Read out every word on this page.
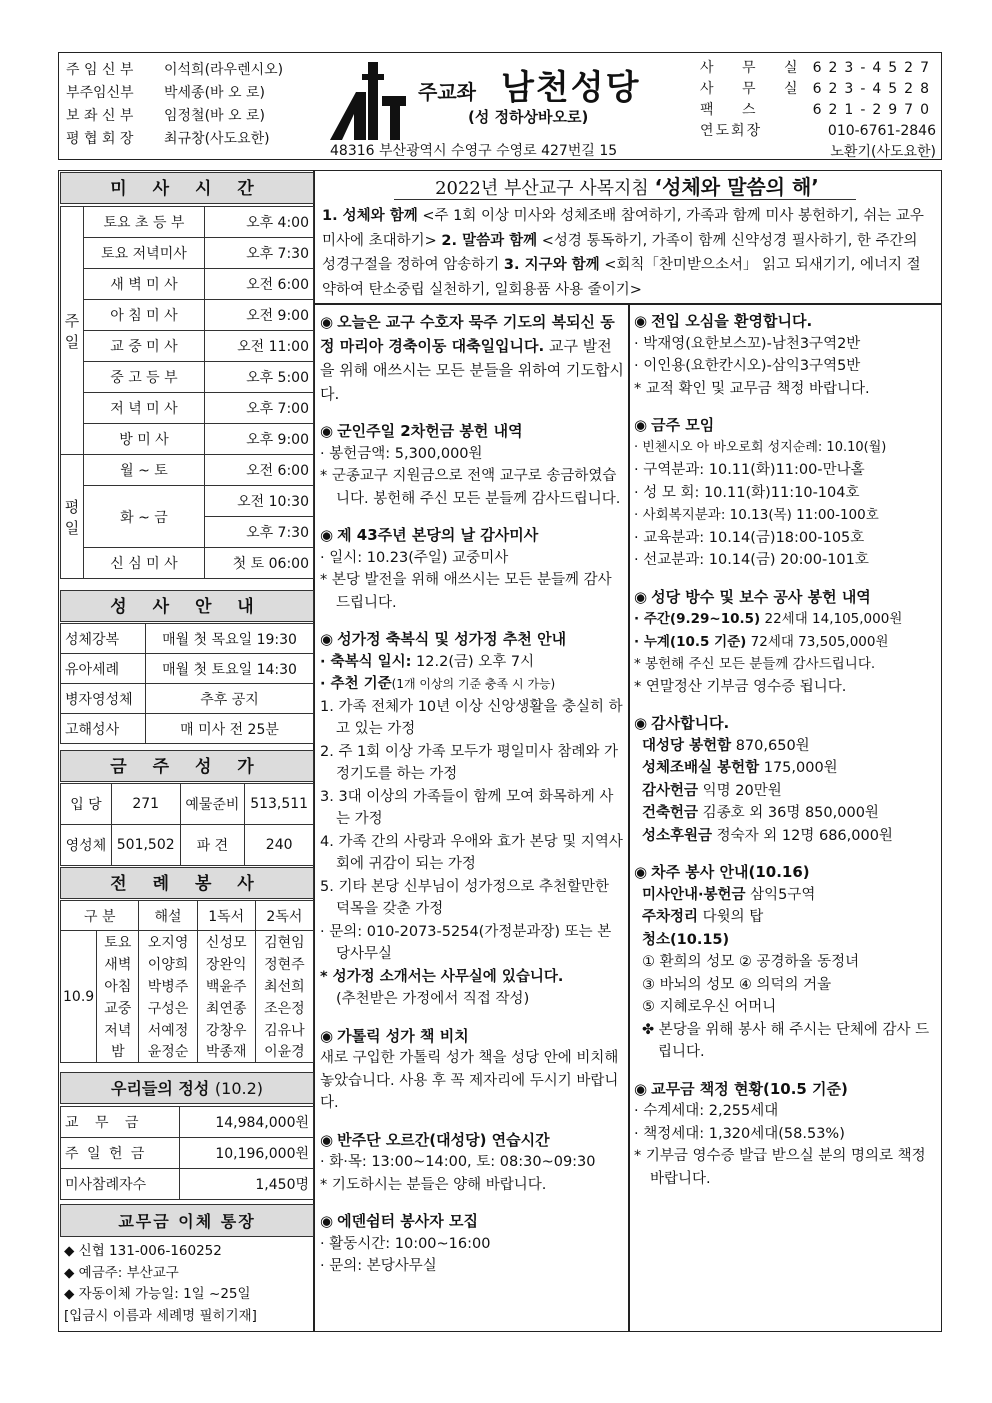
주 임 신 부 이석희(라우렌시오)
부주임신부 박세종(바 오 로)
보 좌 신 부 임정철(바 오 로)
평 협 회 장 최규창(사도요한)
주교좌 남천성당
(성 정하상바오로)
48316 부산광역시 수영구 수영로 427번길 15
사 무 실 623-4527
사 무 실 623-4528
팩 스	621-2970
연도회장	010-6761-2846
노환기(사도요한)
미 사 시 간
주일	토요 초 등 부	오후 4:00
	토요 저녁미사	오후 7:30
	새 벽 미 사	오전 6:00
	아 침 미 사	오전 9:00
	교 중 미 사	오전 11:00
	중 고 등 부	오후 5:00
	저 녁 미 사	오후 7:00
	방 미 사	오후 9:00
평일	월 ~ 토	오전 6:00
	화 ~ 금	오전 10:30
		오후 7:30
	신 심 미 사	첫 토 06:00
성 사 안 내
성체강복	매월 첫 목요일 19:30
유아세례	매월 첫 토요일 14:30
병자영성체	추후 공지
고해성사	매 미사 전 25분
금 주 성 가
입 당	271	예물준비	513,511
영성체	501,502	파 견	240
전 례 봉 사
구 분		해설	1독서	2독서
10.9	토요	오지영	신성모	김현임
	새벽	이양희	장완익	정현주
	아침	박병주	백윤주	최선희
	교중	구성은	최연종	조은정
	저녁	서예정	강창우	김유나
	밤	윤정순	박종재	이윤경
우리들의 정성 (10.2)
교 무 금	14,984,000원
주 일 헌 금	10,196,000원
미사참례자수	1,450명
교무금 이체 통장
◆ 신협 131-006-160252
◆ 예금주: 부산교구
◆ 자동이체 가능일: 1일 ~25일
[입금시 이름과 세례명 필히기재]
2022년 부산교구 사목지침 ‘성체와 말씀의 해’
1. 성체와 함께 <주 1회 이상 미사와 성체조배 참여하기, 가족과 함께 미사 봉헌하기, 쉬는 교우 미사에 초대하기> 2. 말씀과 함께 <성경 통독하기, 가족이 함께 신약성경 필사하기, 한 주간의 성경구절을 정하여 암송하기 3. 지구와 함께 <회칙「찬미받으소서」 읽고 되새기기, 에너지 절약하여 탄소중립 실천하기, 일회용품 사용 줄이기>

◉ 오늘은 교구 수호자 묵주 기도의 복되신 동정 마리아 경축이동 대축일입니다. 교구 발전을 위해 애쓰시는 모든 분들을 위하여 기도합시다.

◉ 군인주일 2차헌금 봉헌 내역

· 봉헌금액: 5,300,000원

* 군종교구 지원금으로 전액 교구로 송금하였습니다. 봉헌해 주신 모든 분들께 감사드립니다.

◉ 제 43주년 본당의 날 감사미사

· 일시: 10.23(주일) 교중미사

* 본당 발전을 위해 애쓰시는 모든 분들께 감사드립니다.

◉ 성가정 축복식 및 성가정 추천 안내

· 축복식 일시: 12.2(금) 오후 7시

· 추천 기준(1개 이상의 기준 충족 시 가능)

1. 가족 전체가 10년 이상 신앙생활을 충실히 하고 있는 가정

2. 주 1회 이상 가족 모두가 평일미사 참례와 가정기도를 하는 가정

3. 3대 이상의 가족들이 함께 모여 화목하게 사는 가정

4. 가족 간의 사랑과 우애와 효가 본당 및 지역사회에 귀감이 되는 가정

5. 기타 본당 신부님이 성가정으로 추천할만한 덕목을 갖춘 가정

· 문의: 010-2073-5254(가정분과장) 또는 본당사무실

* 성가정 소개서는 사무실에 있습니다.

(추천받은 가정에서 직접 작성)

◉ 가톨릭 성가 책 비치

새로 구입한 가톨릭 성가 책을 성당 안에 비치해 놓았습니다. 사용 후 꼭 제자리에 두시기 바랍니다.

◉ 반주단 오르간(대성당) 연습시간

· 화·목: 13:00~14:00, 토: 08:30~09:30

* 기도하시는 분들은 양해 바랍니다.

◉ 에덴쉼터 봉사자 모집

· 활동시간: 10:00~16:00

· 문의: 본당사무실

◉ 전입 오심을 환영합니다.

· 박재영(요한보스꼬)-남천3구역2반

· 이인용(요한칸시오)-삼익3구역5반

* 교적 확인 및 교무금 책정 바랍니다.

◉ 금주 모임

· 빈첸시오 아 바오로회 성지순례: 10.10(월)

· 구역분과: 10.11(화)11:00-만나홀

· 성 모 회: 10.11(화)11:10-104호

· 사회복지분과: 10.13(목) 11:00-100호

· 교육분과: 10.14(금)18:00-105호

· 선교분과: 10.14(금) 20:00-101호

◉ 성당 방수 및 보수 공사 봉헌 내역

· 주간(9.29~10.5) 22세대 14,105,000원

· 누계(10.5 기준) 72세대 73,505,000원

* 봉헌해 주신 모든 분들께 감사드립니다.

* 연말정산 기부금 영수증 됩니다.

◉ 감사합니다.

대성당 봉헌함 870,650원

성체조배실 봉헌함 175,000원

감사헌금 익명 20만원

건축헌금 김종호 외 36명 850,000원

성소후원금 정숙자 외 12명 686,000원

◉ 차주 봉사 안내(10.16)

미사안내·봉헌금 삼익5구역

주차정리 다윗의 탑

청소(10.15)

① 환희의 성모 ② 공경하올 동정녀

③ 바뇌의 성모 ④ 의덕의 거울

⑤ 지혜로우신 어머니

✤ 본당을 위해 봉사 해 주시는 단체에 감사 드립니다.

◉ 교무금 책정 현황(10.5 기준)

· 수계세대: 2,255세대

· 책정세대: 1,320세대(58.53%)

* 기부금 영수증 발급 받으실 분의 명의로 책정 바랍니다.
